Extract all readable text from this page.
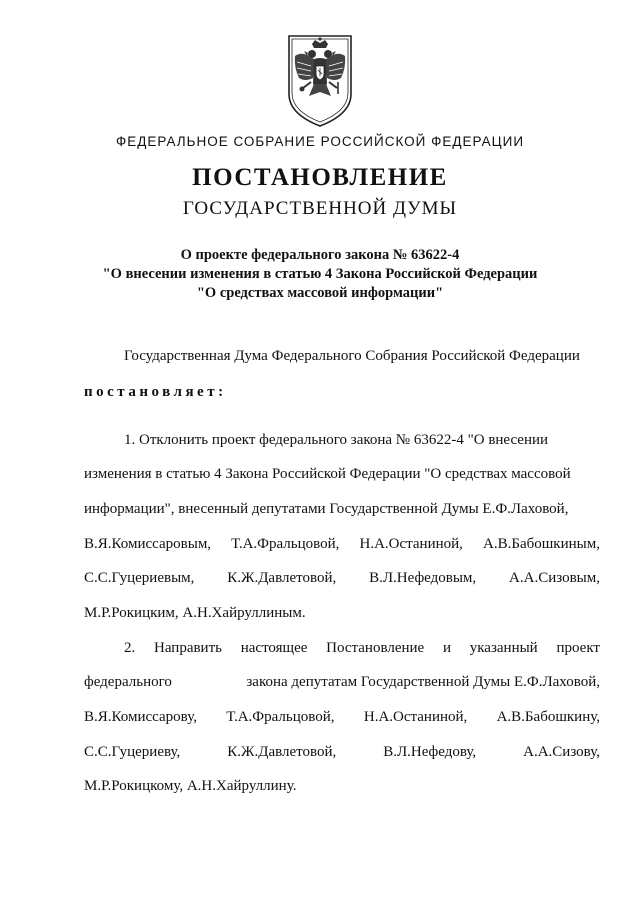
ФЕДЕРАЛЬНОЕ СОБРАНИЕ РОССИЙСКОЙ ФЕДЕРАЦИИ
ПОСТАНОВЛЕНИЕ
ГОСУДАРСТВЕННОЙ ДУМЫ
О проекте федерального закона № 63622-4
"О внесении изменения в статью 4 Закона Российской Федерации
"О средствах массовой информации"
Государственная Дума Федерального Собрания Российской Федерации
постановляет:
1. Отклонить проект федерального закона № 63622-4 "О внесении
изменения в статью 4 Закона Российской Федерации "О средствах массовой
информации", внесенный депутатами Государственной Думы Е.Ф.Лаховой,
В.Я.Комиссаровым, Т.А.Фральцовой, Н.А.Останиной, А.В.Бабошкиным,
С.С.Гуцериевым, К.Ж.Давлетовой, В.Л.Нефедовым, А.А.Сизовым,
М.Р.Рокицким, А.Н.Хайруллиным.
2. Направить настоящее Постановление и указанный проект
федерального	закона депутатам Государственной Думы Е.Ф.Лаховой,
В.Я.Комиссарову, Т.А.Фральцовой, Н.А.Останиной, А.В.Бабошкину,
С.С.Гуцериеву,	К.Ж.Давлетовой,	В.Л.Нефедову,	А.А.Сизову,
М.Р.Рокицкому, А.Н.Хайруллину.
